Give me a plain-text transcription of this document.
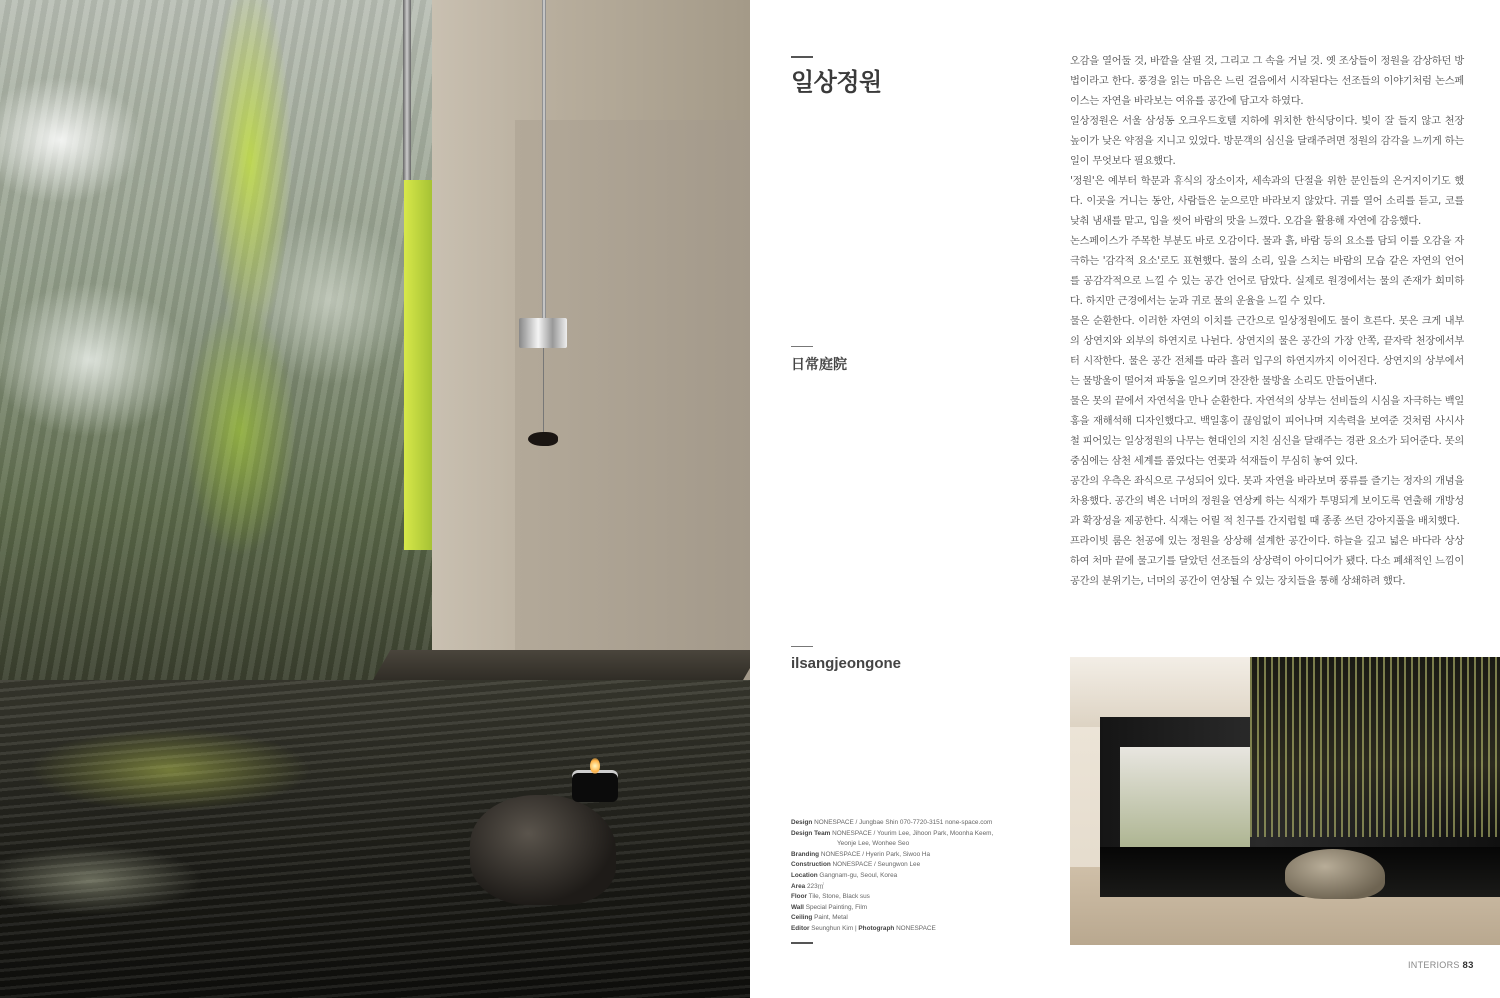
일상정원
日常庭院
ilsangjeongone

오감을 열어둘 것, 바깥을 살필 것, 그리고 그 속을 거닐 것. 옛 조상들이 정원을 감상하던 방법이라고 한다. 풍경을 읽는 마음은 느린 걸음에서 시작된다는 선조들의 이야기처럼 논스페이스는 자연을 바라보는 여유를 공간에 담고자 하였다.

일상정원은 서울 삼성동 오크우드호텔 지하에 위치한 한식당이다. 빛이 잘 들지 않고 천장 높이가 낮은 약점을 지니고 있었다. 방문객의 심신을 달래주려면 정원의 감각을 느끼게 하는 일이 무엇보다 필요했다.

'정원'은 예부터 학문과 휴식의 장소이자, 세속과의 단절을 위한 문인들의 은거지이기도 했다. 이곳을 거니는 동안, 사람들은 눈으로만 바라보지 않았다. 귀를 열어 소리를 듣고, 코를 낮춰 냄새를 맡고, 입을 씻어 바람의 맛을 느꼈다. 오감을 활용해 자연에 감응했다.

논스페이스가 주목한 부분도 바로 오감이다. 물과 흙, 바람 등의 요소를 담되 이를 오감을 자극하는 '감각적 요소'로도 표현했다. 물의 소리, 잎을 스치는 바람의 모습 같은 자연의 언어를 공감각적으로 느낄 수 있는 공간 언어로 담았다. 실제로 원경에서는 물의 존재가 희미하다. 하지만 근경에서는 눈과 귀로 물의 운율을 느낄 수 있다.

물은 순환한다. 이러한 자연의 이치를 근간으로 일상정원에도 물이 흐른다. 못은 크게 내부의 상연지와 외부의 하연지로 나뉜다. 상연지의 물은 공간의 가장 안쪽, 끝자락 천장에서부터 시작한다. 물은 공간 전체를 따라 흘러 입구의 하연지까지 이어진다. 상연지의 상부에서는 물방울이 떨어져 파동을 일으키며 잔잔한 물방울 소리도 만들어낸다.

물은 못의 끝에서 자연석을 만나 순환한다. 자연석의 상부는 선비들의 시심을 자극하는 백일홍을 재해석해 디자인했다고. 백일홍이 끊임없이 피어나며 지속력을 보여준 것처럼 사시사철 피어있는 일상정원의 나무는 현대인의 지친 심신을 달래주는 경관 요소가 되어준다. 못의 중심에는 삼천 세계를 품었다는 연꽃과 석재들이 무심히 놓여 있다.

공간의 우측은 좌식으로 구성되어 있다. 못과 자연을 바라보며 풍류를 즐기는 정자의 개념을 차용했다. 공간의 벽은 너머의 정원을 연상케 하는 식재가 투명되게 보이도록 연출해 개방성과 확장성을 제공한다. 식재는 어릴 적 친구를 간지럽힐 때 종종 쓰던 강아지풀을 배치했다.

프라이빗 룸은 천공에 있는 정원을 상상해 설계한 공간이다. 하늘을 깊고 넓은 바다라 상상하여 처마 끝에 물고기를 달았던 선조들의 상상력이 아이디어가 됐다. 다소 폐쇄적인 느낌이 공간의 분위기는, 너머의 공간이 연상될 수 있는 장치들을 통해 상쇄하려 했다.

Design NONESPACE / Jungbae Shin 070-7720-3151 none-space.com

Design Team NONESPACE / Yourim Lee, Jihoon Park, Moonha Keem,

Yeonje Lee, Wonhee Seo

Branding NONESPACE / Hyerin Park, Siwoo Ha

Construction NONESPACE / Seungwon Lee

Location Gangnam-gu, Seoul, Korea

Area 223㎡

Floor Tile, Stone, Black sus

Wall Special Painting, Film

Ceiling Paint, Metal

Editor Seunghun Kim | Photograph NONESPACE

INTERIORS 83
